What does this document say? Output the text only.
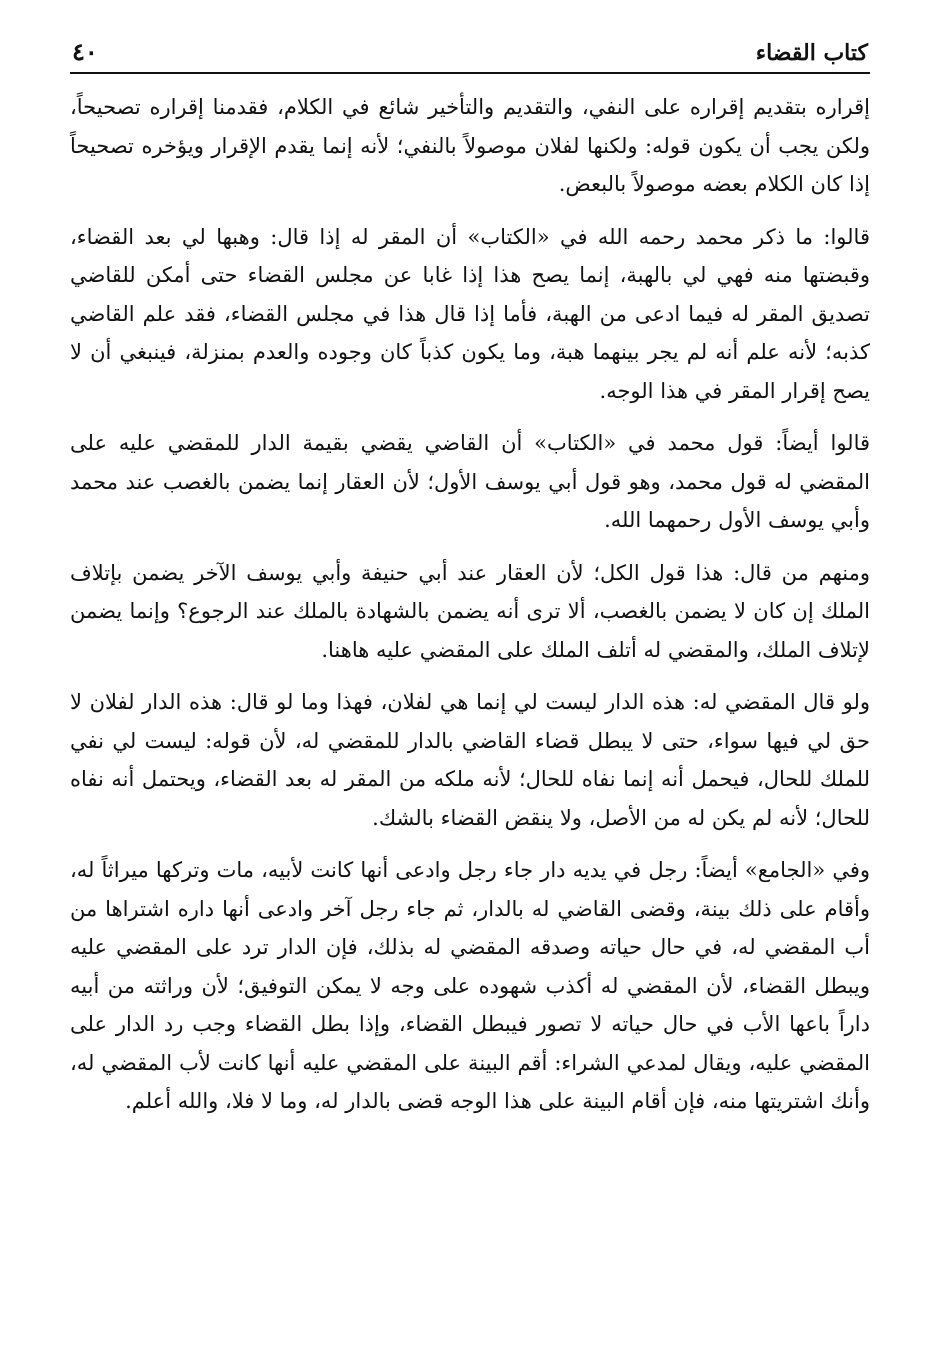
كتاب القضاء
٤٠

إقراره بتقديم إقراره على النفي، والتقديم والتأخير شائع في الكلام، فقدمنا إقراره تصحيحاً، ولكن يجب أن يكون قوله: ولكنها لفلان موصولاً بالنفي؛ لأنه إنما يقدم الإقرار ويؤخره تصحيحاً إذا كان الكلام بعضه موصولاً بالبعض.

قالوا: ما ذكر محمد رحمه الله في «الكتاب» أن المقر له إذا قال: وهبها لي بعد القضاء، وقبضتها منه فهي لي بالهبة، إنما يصح هذا إذا غابا عن مجلس القضاء حتى أمكن للقاضي تصديق المقر له فيما ادعى من الهبة، فأما إذا قال هذا في مجلس القضاء، فقد علم القاضي كذبه؛ لأنه علم أنه لم يجر بينهما هبة، وما يكون كذباً كان وجوده والعدم بمنزلة، فينبغي أن لا يصح إقرار المقر في هذا الوجه.

قالوا أيضاً: قول محمد في «الكتاب» أن القاضي يقضي بقيمة الدار للمقضي عليه على المقضي له قول محمد، وهو قول أبي يوسف الأول؛ لأن العقار إنما يضمن بالغصب عند محمد وأبي يوسف الأول رحمهما الله.

ومنهم من قال: هذا قول الكل؛ لأن العقار عند أبي حنيفة وأبي يوسف الآخر يضمن بإتلاف الملك إن كان لا يضمن بالغصب، ألا ترى أنه يضمن بالشهادة بالملك عند الرجوع؟ وإنما يضمن لإتلاف الملك، والمقضي له أتلف الملك على المقضي عليه هاهنا.

ولو قال المقضي له: هذه الدار ليست لي إنما هي لفلان، فهذا وما لو قال: هذه الدار لفلان لا حق لي فيها سواء، حتى لا يبطل قضاء القاضي بالدار للمقضي له، لأن قوله: ليست لي نفي للملك للحال، فيحمل أنه إنما نفاه للحال؛ لأنه ملكه من المقر له بعد القضاء، ويحتمل أنه نفاه للحال؛ لأنه لم يكن له من الأصل، ولا ينقض القضاء بالشك.

وفي «الجامع» أيضاً: رجل في يديه دار جاء رجل وادعى أنها كانت لأبيه، مات وتركها ميراثاً له، وأقام على ذلك بينة، وقضى القاضي له بالدار، ثم جاء رجل آخر وادعى أنها داره اشتراها من أب المقضي له، في حال حياته وصدقه المقضي له بذلك، فإن الدار ترد على المقضي عليه ويبطل القضاء، لأن المقضي له أكذب شهوده على وجه لا يمكن التوفيق؛ لأن وراثته من أبيه داراً باعها الأب في حال حياته لا تصور فيبطل القضاء، وإذا بطل القضاء وجب رد الدار على المقضي عليه، ويقال لمدعي الشراء: أقم البينة على المقضي عليه أنها كانت لأب المقضي له، وأنك اشتريتها منه، فإن أقام البينة على هذا الوجه قضى بالدار له، وما لا فلا، والله أعلم.
